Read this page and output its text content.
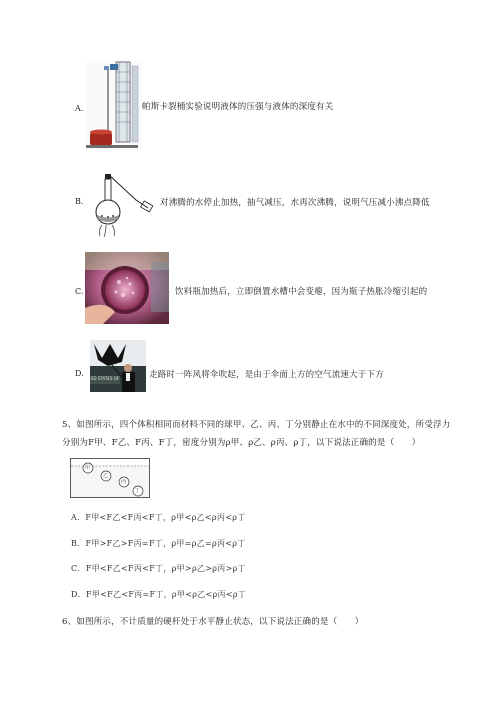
A.	帕斯卡裂桶实验说明液体的压强与液体的深度有关
B.	对沸腾的水停止加热，抽气减压，水再次沸腾，说明气压减小沸点降低
C.	饮料瓶加热后，立即倒置水槽中会变瘪，因为瓶子热胀冷缩引起的
D.
ED STATES OF	走路时一阵风将伞吹起，是由于伞面上方的空气流速大于下方
5、如图所示，四个体积相同而材料不同的球甲、乙、丙、丁分别静止在水中的不同深度处，所受浮力
分别为F甲、F乙、F丙、F丁，密度分别为ρ甲、ρ乙、ρ丙、ρ丁，以下说法正确的是（　　）
甲
乙
丙
丁
A．F甲<F乙<F丙<F丁，ρ甲<ρ乙<ρ丙<ρ丁
B．F甲>F乙>F丙=F丁，ρ甲=ρ乙=ρ丙<ρ丁
C．F甲<F乙<F丙<F丁，ρ甲>ρ乙>ρ丙>ρ丁
D．F甲<F乙<F丙=F丁，ρ甲<ρ乙<ρ丙<ρ丁
6、如图所示，不计质量的硬杆处于水平静止状态，以下说法正确的是（　　）
